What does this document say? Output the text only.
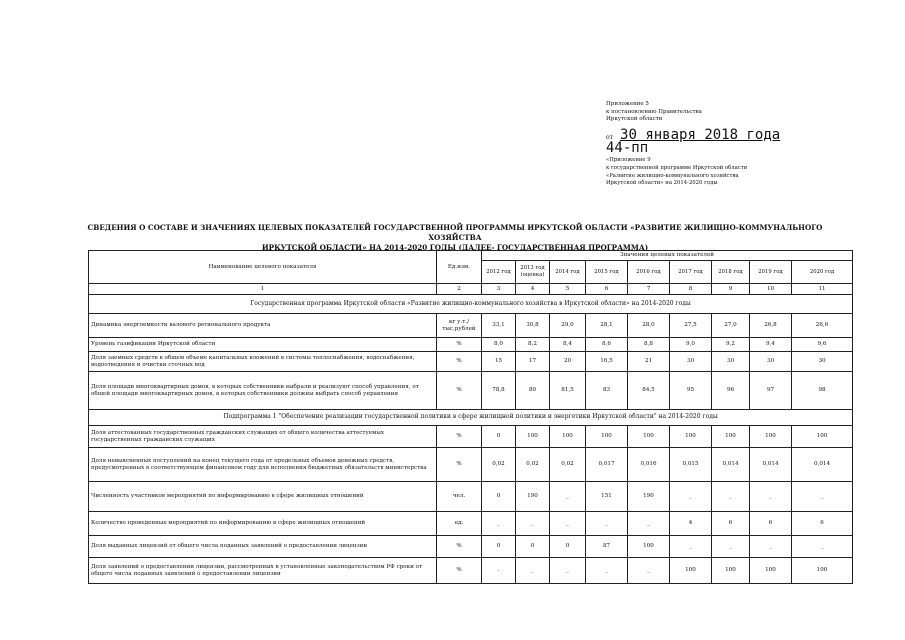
Приложение 5
к постановлению Правительства
Иркутской области
от 30 января 2018 года
44-пп
«Приложение 9
к государственной программе Иркутской области
«Развитие жилищно-коммунального хозяйства
Иркутской области» на 2014-2020 годы
СВЕДЕНИЯ О СОСТАВЕ И ЗНАЧЕНИЯХ ЦЕЛЕВЫХ ПОКАЗАТЕЛЕЙ ГОСУДАРСТВЕННОЙ ПРОГРАММЫ ИРКУТСКОЙ ОБЛАСТИ «РАЗВИТИЕ ЖИЛИЩНО-КОММУНАЛЬНОГО ХОЗЯЙСТВА
ИРКУТСКОЙ ОБЛАСТИ» НА 2014-2020 ГОДЫ (ДАЛЕЕ- ГОСУДАРСТВЕННАЯ ПРОГРАММА)
Наименование целевого показателя	Ед.изм.	Значения целевых показателей								
		2012 год	2013 год (оценка)	2014 год	2015 год	2016 год	2017 год	2018 год	2019 год	2020 год
1	2	3	4	5	6	7	8	9	10	11
Государственная программа Иркутской области «Развитие жилищно-коммунального хозяйства в Иркутской области» на 2014-2020 годы										
Динамика энергоемкости валового регионального продукта	кг у.т./ тыс.рублей	33,1	30,8	29,0	28,1	28,0	27,5	27,0	26,8	26,6
Уровень газификации Иркутской области	%	8,0	8,2	8,4	8,6	8,8	9,0	9,2	9,4	9,6
Доля заемных средств в общем объеме капитальных вложений в системы теплоснабжения, водоснабжения, водоотведения и очистки сточных вод	%	15	17	20	16,5	21	30	30	30	30
Доля площади многоквартирных домов, в которых собственники выбрали и реализуют способ управления, от общей площади многоквартирных домов, в которых собственники должны выбрать способ управления	%	78,8	80	81,5	83	84,5	95	96	97	98
Подпрограмма 1 "Обеспечение реализации государственной политики в сфере жилищной политики и энергетики Иркутской области" на 2014-2020 годы										
Доля аттестованных государственных гражданских служащих от общего количества аттестуемых государственных гражданских служащих	%	0	100	100	100	100	100	100	100	100
Доля невыясненных поступлений на конец текущего года от предельных объемов денежных средств, предусмотренных в соответствующем финансовом году для исполнения бюджетных обязательств министерства	%	0,02	0,02	0,02	0,017	0,016	0,015	0,014	0,014	0,014
Численность участников мероприятий по информированию в сфере жилищных отношений	чел.	0	190	_	151	190	_	_	_	_
Количество проведенных мероприятий по информированию в сфере жилищных отношений	ед.	_	_	_	_	_	4	6	6	6
Доля выданных лицензий от общего числа поданных заявлений о предоставлении лицензии	%	0	0	0	87	100	_	_	_	_
Доля заявлений о предоставлении лицензии, рассмотренных в установленные законодательством РФ сроки от общего числа поданных заявлений о предоставлении лицензии	%	.	_	_	_	_	100	100	100	100
